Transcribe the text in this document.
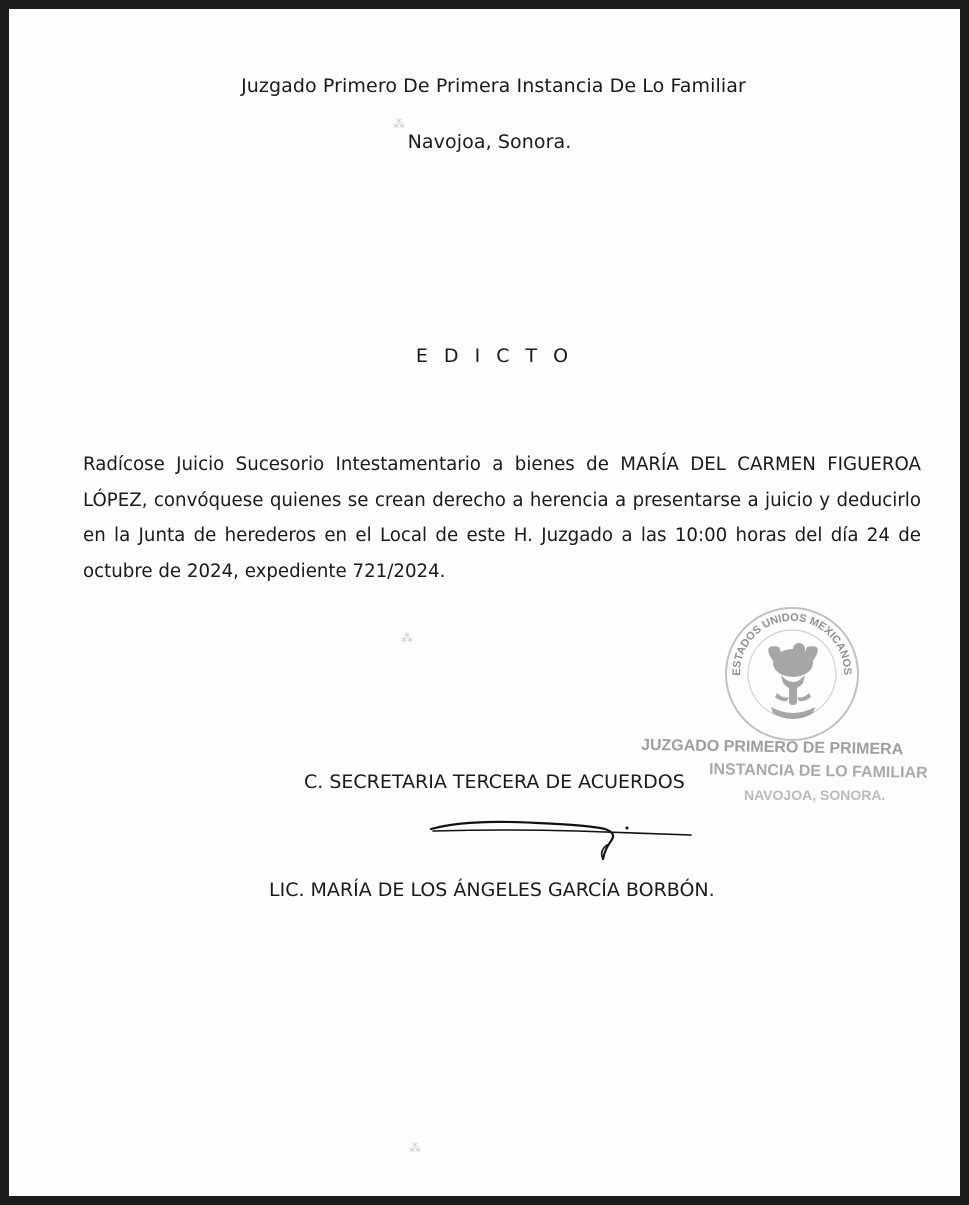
Juzgado Primero De Primera Instancia De Lo Familiar
Navojoa, Sonora.
E D I C T O
Radícose Juicio Sucesorio Intestamentario a bienes de MARÍA DEL CARMEN FIGUEROA LÓPEZ, convóquese quienes se crean derecho a herencia a presentarse a juicio y deducirlo en la Junta de herederos en el Local de este H. Juzgado a las 10:00 horas del día 24 de octubre de 2024, expediente 721/2024.
ESTADOS UNIDOS MEXICANOS
JUZGADO PRIMERO DE PRIMERA
INSTANCIA DE LO FAMILIAR
NAVOJOA, SONORA.
C. SECRETARIA TERCERA DE ACUERDOS
LIC. MARÍA DE LOS ÁNGELES GARCÍA BORBÓN.
⁂
⁂
⁂
